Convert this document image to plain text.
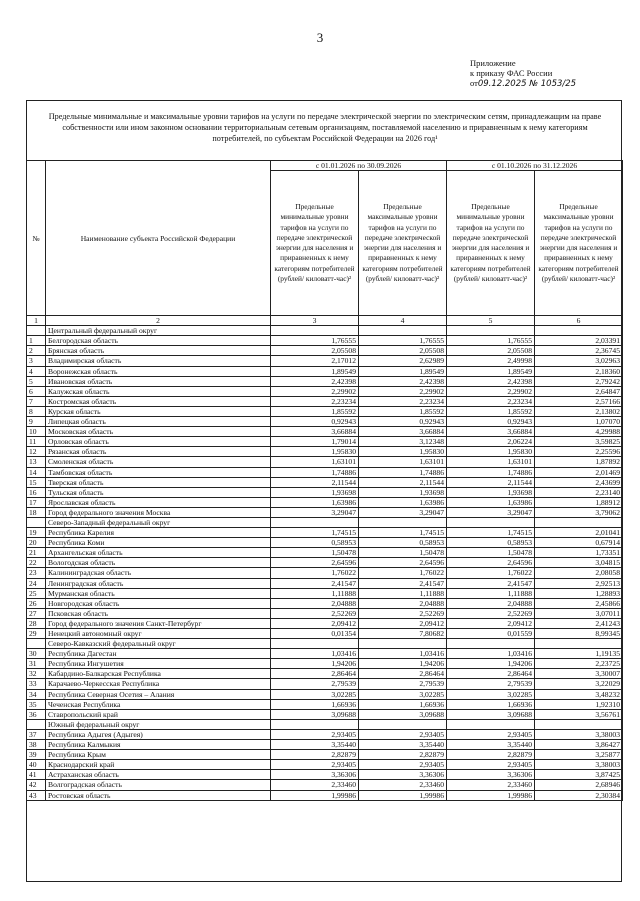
3
Приложение
к приказу ФАС России
от09.12.2025 № 1053/25
Предельные минимальные и максимальные уровни тарифов на услуги по передаче электрической энергии по электрическим сетям, принадлежащим на праве собственности или ином законном основании территориальным сетевым организациям, поставляемой населению и приравненным к нему категориям потребителей, по субъектам Российской Федерации на 2026 год¹
№	Наименование субъекта Российской Федерации	с 01.01.2026 по 30.09.2026		с 01.10.2026 по 31.12.2026	
		Предельные минимальные уровни тарифов на услуги по передаче электрической энергии для населения и приравненных к нему категориям потребителей (рублей/ киловатт-час)²	Предельные максимальные уровни тарифов на услуги по передаче электрической энергии для населения и приравненных к нему категориям потребителей (рублей/ киловатт-час)²	Предельные минимальные уровни тарифов на услуги по передаче электрической энергии для населения и приравненных к нему категориям потребителей (рублей/ киловатт-час)²	Предельные максимальные уровни тарифов на услуги по передаче электрической энергии для населения и приравненных к нему категориям потребителей (рублей/ киловатт-час)²
1	2	3	4	5	6
	Центральный федеральный округ				
1	Белгородская область	1,76555	1,76555	1,76555	2,03391
2	Брянская область	2,05508	2,05508	2,05508	2,36745
3	Владимирская область	2,17012	2,62989	2,49998	3,02963
4	Воронежская область	1,89549	1,89549	1,89549	2,18360
5	Ивановская область	2,42398	2,42398	2,42398	2,79242
6	Калужская область	2,29902	2,29902	2,29902	2,64847
7	Костромская область	2,23234	2,23234	2,23234	2,57166
8	Курская область	1,85592	1,85592	1,85592	2,13802
9	Липецкая область	0,92943	0,92943	0,92943	1,07070
10	Московская область	3,66884	3,66884	3,66884	4,29988
11	Орловская область	1,79014	3,12348	2,06224	3,59825
12	Рязанская область	1,95830	1,95830	1,95830	2,25596
13	Смоленская область	1,63101	1,63101	1,63101	1,87892
14	Тамбовская область	1,74886	1,74886	1,74886	2,01469
15	Тверская область	2,11544	2,11544	2,11544	2,43699
16	Тульская область	1,93698	1,93698	1,93698	2,23140
17	Ярославская область	1,63986	1,63986	1,63986	1,88912
18	Город федерального значения Москва	3,29047	3,29047	3,29047	3,79062
	Северо-Западный федеральный округ				
19	Республика Карелия	1,74515	1,74515	1,74515	2,01041
20	Республика Коми	0,58953	0,58953	0,58953	0,67914
21	Архангельская область	1,50478	1,50478	1,50478	1,73351
22	Вологодская область	2,64596	2,64596	2,64596	3,04815
23	Калининградская область	1,76022	1,76022	1,76022	2,08058
24	Ленинградская область	2,41547	2,41547	2,41547	2,92513
25	Мурманская область	1,11888	1,11888	1,11888	1,28893
26	Новгородская область	2,04888	2,04888	2,04888	2,45866
27	Псковская область	2,52269	2,52269	2,52269	3,07011
28	Город федерального значения Санкт-Петербург	2,09412	2,09412	2,09412	2,41243
29	Ненецкий автономный округ	0,01354	7,80682	0,01559	8,99345
	Северо-Кавказский федеральный округ				
30	Республика Дагестан	1,03416	1,03416	1,03416	1,19135
31	Республика Ингушетия	1,94206	1,94206	1,94206	2,23725
32	Кабардино-Балкарская Республика	2,86464	2,86464	2,86464	3,30007
33	Карачаево-Черкесская Республика	2,79539	2,79539	2,79539	3,22029
34	Республика Северная Осетия – Алания	3,02285	3,02285	3,02285	3,48232
35	Чеченская Республика	1,66936	1,66936	1,66936	1,92310
36	Ставропольский край	3,09688	3,09688	3,09688	3,56761
	Южный федеральный округ				
37	Республика Адыгея (Адыгея)	2,93405	2,93405	2,93405	3,38003
38	Республика Калмыкия	3,35440	3,35440	3,35440	3,86427
39	Республика Крым	2,82879	2,82879	2,82879	3,25877
40	Краснодарский край	2,93405	2,93405	2,93405	3,38003
41	Астраханская область	3,36306	3,36306	3,36306	3,87425
42	Волгоградская область	2,33460	2,33460	2,33460	2,68946
43	Ростовская область	1,99986	1,99986	1,99986	2,30384
